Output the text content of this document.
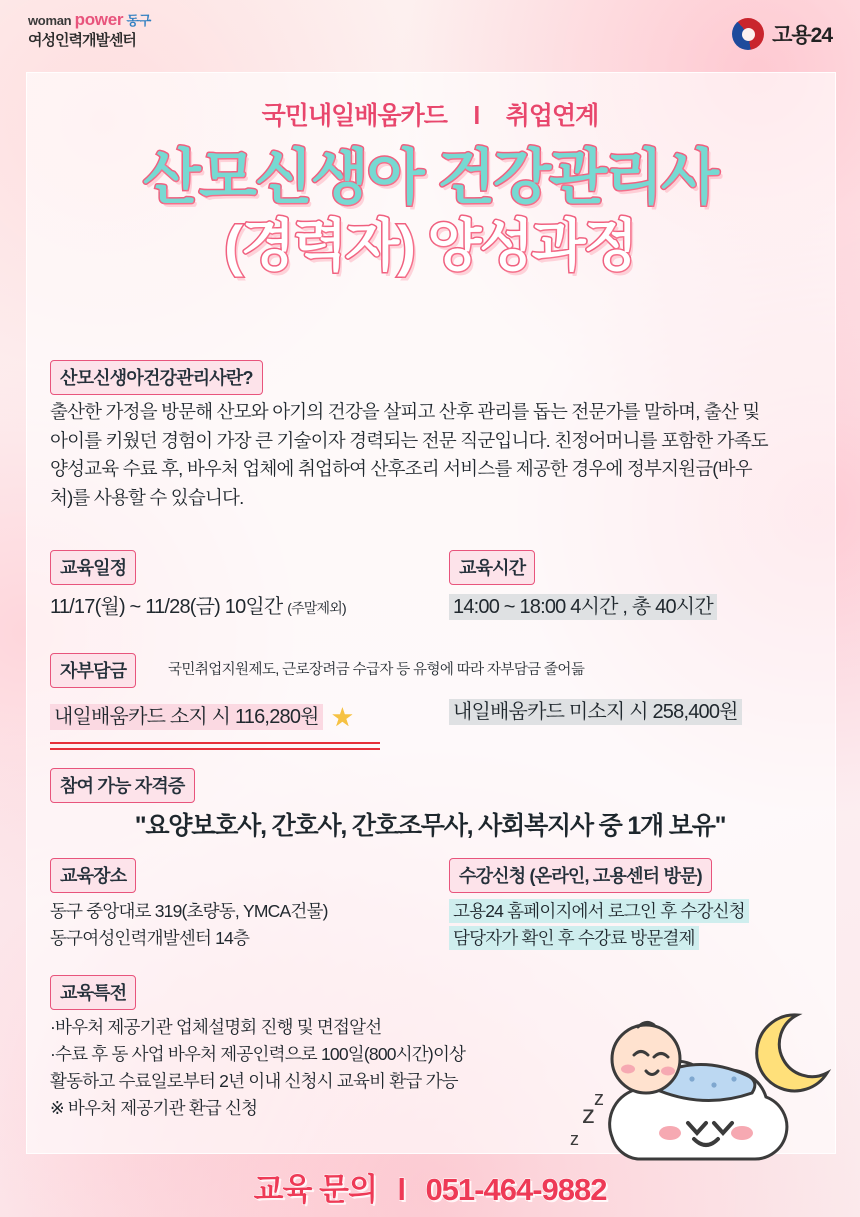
woman power 동구
여성인력개발센터	고용24
국민내일배움카드 l 취업연계
산모신생아 건강관리사
(경력자) 양성과정
산모신생아건강관리사란?
출산한 가정을 방문해 산모와 아기의 건강을 살피고 산후 관리를 돕는 전문가를 말하며, 출산 및 아이를 키웠던 경험이 가장 큰 기술이자 경력되는 전문 직군입니다. 친정어머니를 포함한 가족도 양성교육 수료 후, 바우처 업체에 취업하여 산후조리 서비스를 제공한 경우에 정부지원금(바우처)를 사용할 수 있습니다.
교육일정
11/17(월) ~ 11/28(금) 10일간 (주말제외)
교육시간
14:00 ~ 18:00 4시간 , 총 40시간
자부담금	국민취업지원제도, 근로장려금 수급자 등 유형에 따라 자부담금 줄어듦
내일배움카드 소지 시 116,280원 ★	내일배움카드 미소지 시 258,400원
참여 가능 자격증
"요양보호사, 간호사, 간호조무사, 사회복지사 중 1개 보유"
교육장소
동구 중앙대로 319(초량동, YMCA건물)
동구여성인력개발센터 14층
수강신청 (온라인, 고용센터 방문)
고용24 홈페이지에서 로그인 후 수강신청
담당자가 확인 후 수강료 방문결제
교육특전
·바우처 제공기관 업체설명회 진행 및 면접알선
·수료 후 동 사업 바우처 제공인력으로 100일(800시간)이상
활동하고 수료일로부터 2년 이내 신청시 교육비 환급 가능
※ 바우처 제공기관 환급 신청	z
z
z
교육 문의 l 051-464-9882
